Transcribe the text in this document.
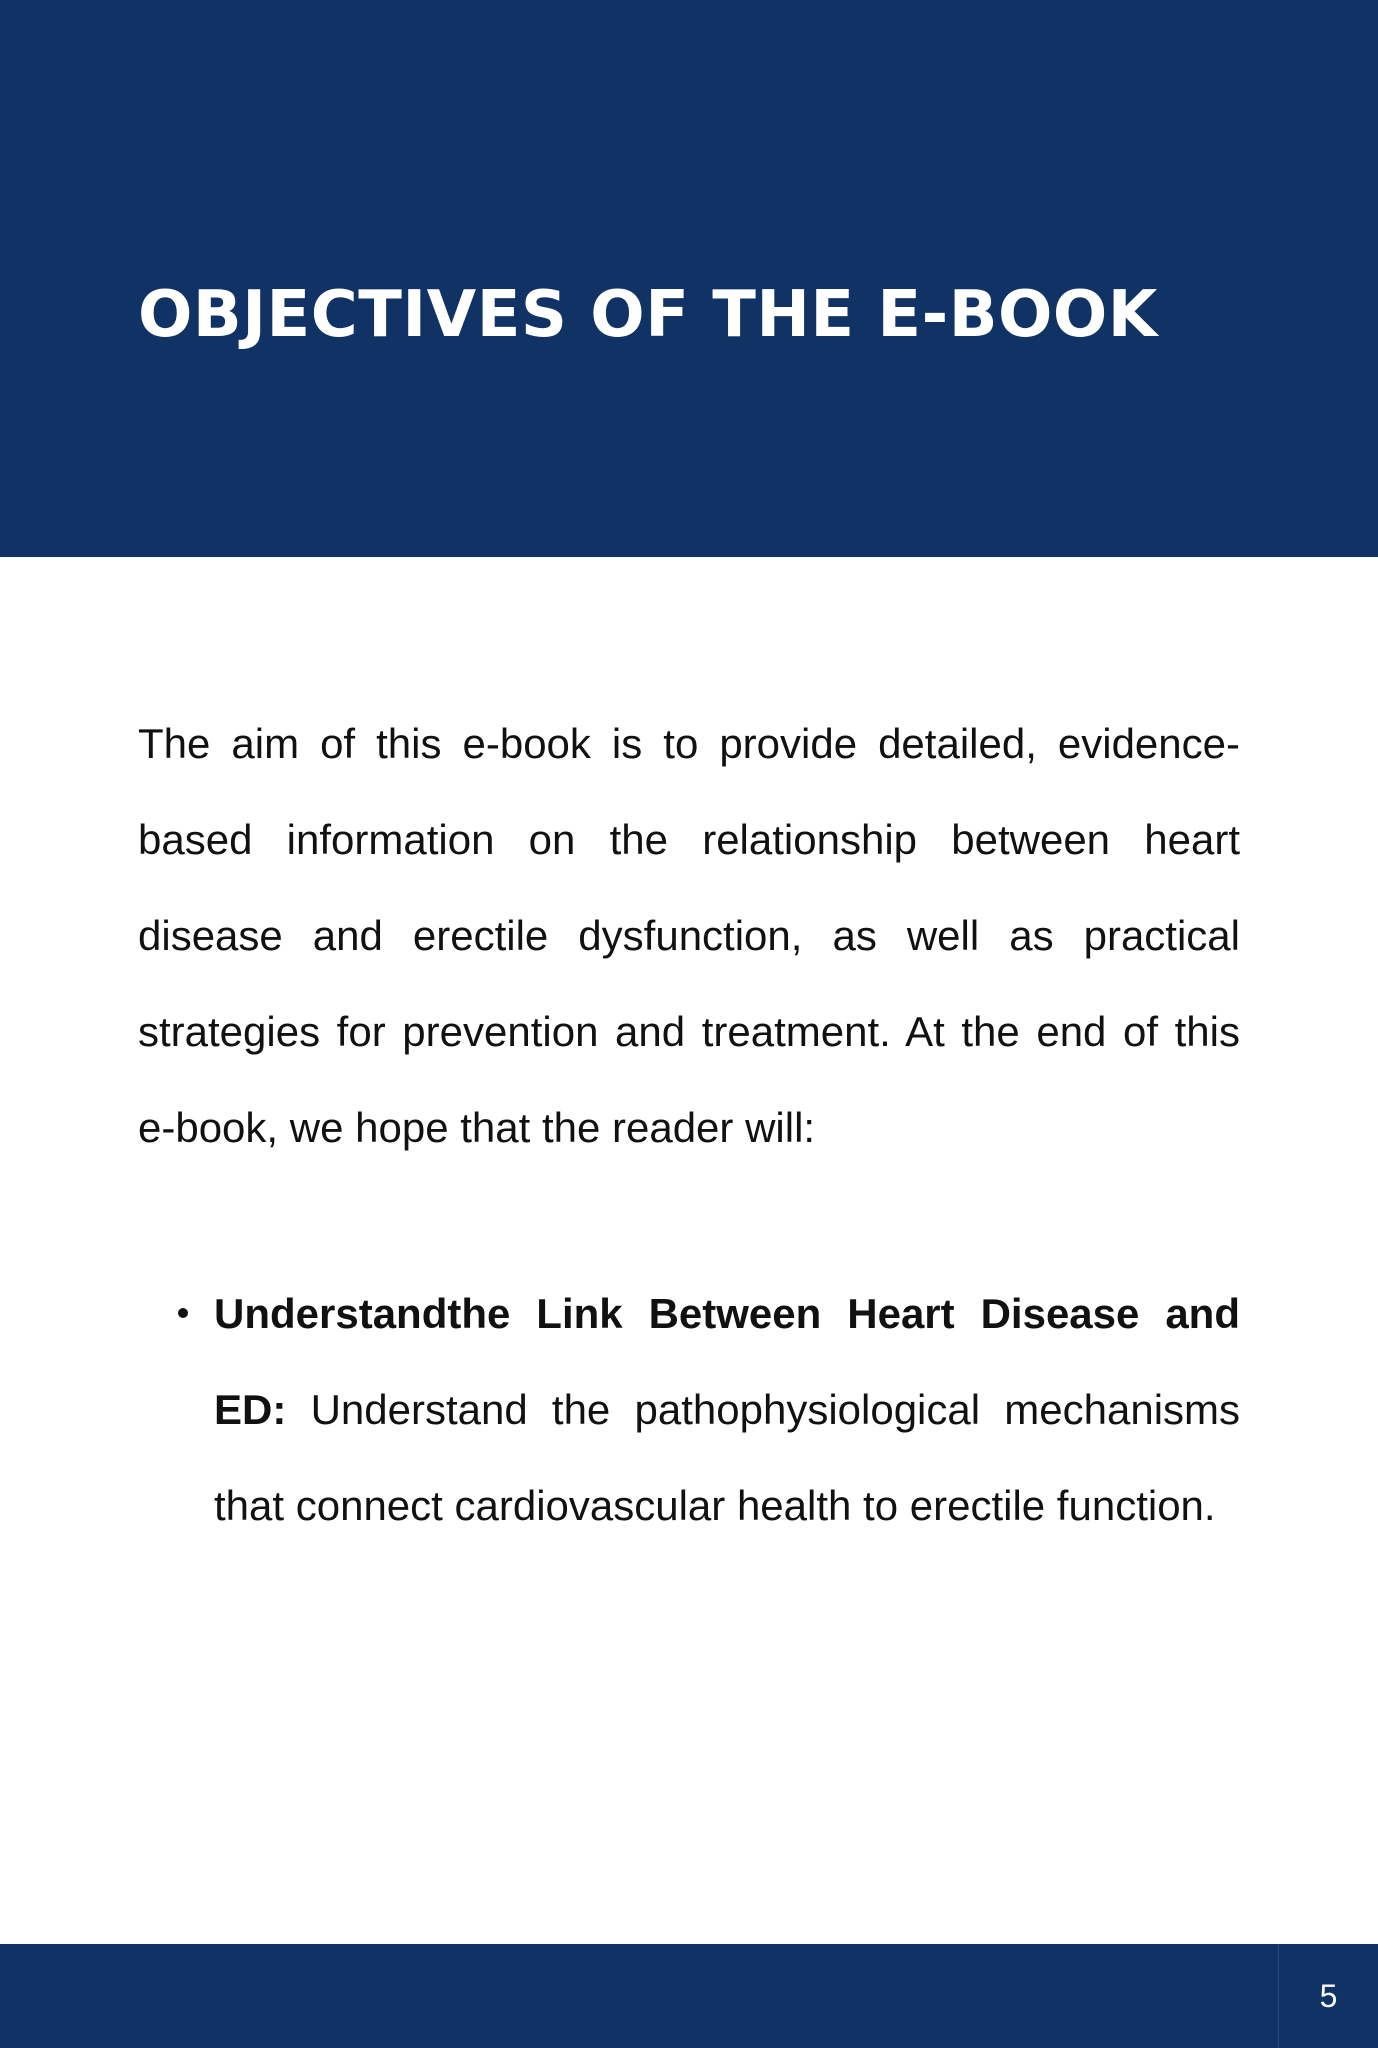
OBJECTIVES OF THE E-BOOK

The aim of this e-book is to provide detailed, evidence-based information on the relationship between heart disease and erectile dysfunction, as well as practical strategies for prevention and treatment. At the end of this e-book, we hope that the reader will:

Understandthe Link Between Heart Disease and ED: Understand the pathophysiological mechanisms that connect cardiovascular health to erectile function.
5
